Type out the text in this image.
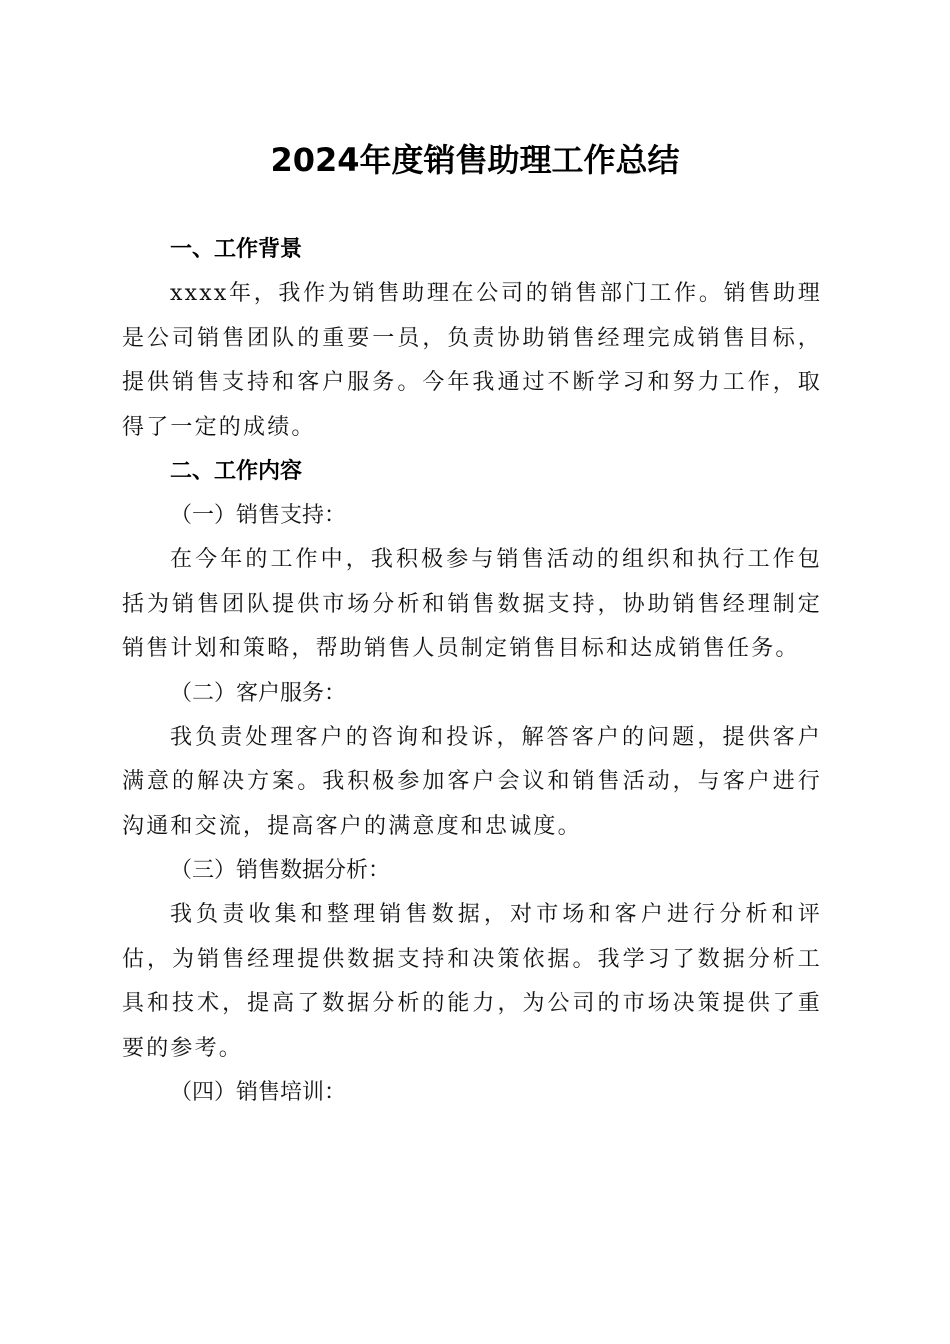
2024年度销售助理工作总结
一、工作背景

xxxx年，我作为销售助理在公司的销售部门工作。销售助理是公司销售团队的重要一员，负责协助销售经理完成销售目标，提供销售支持和客户服务。今年我通过不断学习和努力工作，取得了一定的成绩。

二、工作内容
（一）销售支持：

在今年的工作中，我积极参与销售活动的组织和执行工作包括为销售团队提供市场分析和销售数据支持，协助销售经理制定销售计划和策略，帮助销售人员制定销售目标和达成销售任务。

（二）客户服务：

我负责处理客户的咨询和投诉，解答客户的问题，提供客户满意的解决方案。我积极参加客户会议和销售活动，与客户进行沟通和交流，提高客户的满意度和忠诚度。

（三）销售数据分析：

我负责收集和整理销售数据，对市场和客户进行分析和评估，为销售经理提供数据支持和决策依据。我学习了数据分析工具和技术，提高了数据分析的能力，为公司的市场决策提供了重要的参考。

（四）销售培训：
